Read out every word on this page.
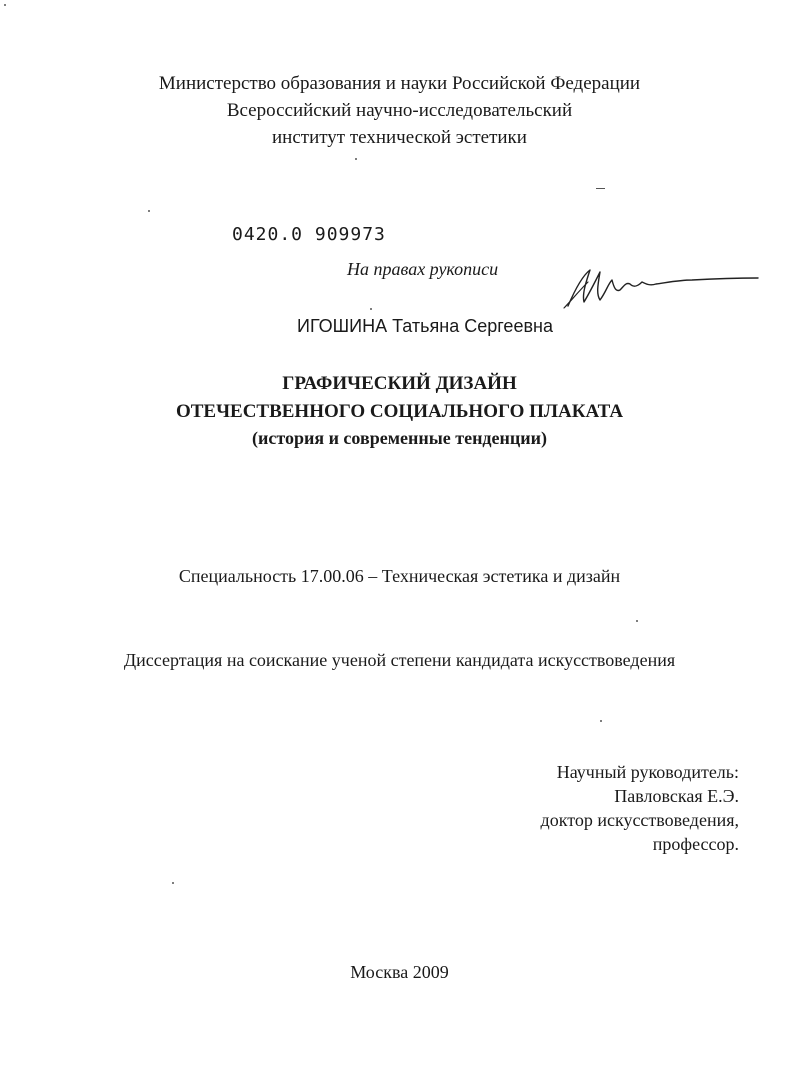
Министерство образования и науки Российской Федерации
Всероссийский научно-исследовательский
институт технической эстетики
0420.0 909973
На правах рукописи
ИГОШИНА Татьяна Сергеевна
ГРАФИЧЕСКИЙ ДИЗАЙН
ОТЕЧЕСТВЕННОГО СОЦИАЛЬНОГО ПЛАКАТА
(история и современные тенденции)
Специальность 17.00.06 – Техническая эстетика и дизайн
Диссертация на соискание ученой степени кандидата искусствоведения
Научный руководитель:
Павловская Е.Э.
доктор искусствоведения,
профессор.
Москва 2009
